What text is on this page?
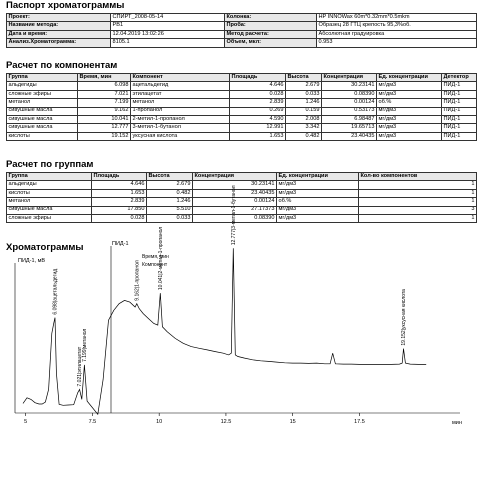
Паспорт хроматограммы
Проект:	СПИРТ_2008-05-14	Колонка:	HP INNOWax 60m*0.32mm*0.5mkm
Название метода:	РВ1	Проба:	Образец 28 ГТЦ крепость 95,3%об.
Дата и время:	12.04.2019 13:02:26	Метод расчета:	Абсолютная градуировка
Анализ.Хроматограмма:	8105.1	Объем, мкл:	0.953
Расчет по компонентам
Группа	Время, мин	Компонент	Площадь	Высота	Концентрация	Ед. концентрации	Детектор
альдегиды	6.098	ацетальдегид	4.646	2.679	30.23141	мг/дм3	ПИД-1
сложные эфиры	7.021	этилацетат	0.028	0.033	0.08390	мг/дм3	ПИД-1
метанол	7.199	метанол	2.839	1.246	0.00124	об.%	ПИД-1
сивушные масла	9.162	1-пропанол	0.269	0.159	0.53173	мг/дм3	ПИД-1
сивушные масла	10.041	2-метил-1-пропанол	4.590	2.008	6.98487	мг/дм3	ПИД-1
сивушные масла	12.777	3-метил-1-бутанол	12.991	3.342	19.65713	мг/дм3	ПИД-1
кислоты	19.152	уксусная кислота	1.653	0.482	23.40435	мг/дм3	ПИД-1
Расчет по группам
Группа	Площадь	Высота	Концентрация	Ед. концентрации	Кол-во компонентов
альдегиды	4.646	2.679	30.23141	мг/дм3	1
кислоты	1.653	0.482	23.40435	мг/дм3	1
метанол	2.839	1.246	0.00124	об.%	1
сивушные масла	17.850	5.510	27.17373	мг/дм3	3
сложные эфиры	0.028	0.033	0.08390	мг/дм3	1
Хроматограммы
ПИД-1, мВ
ПИД-1
Время, мин
Компонент
мин
5	7.5	10	12.5	15	17.5
6.098|ацетальдегид
7.021|этилацетат
7.199|метанол
9.162|1-пропанол	10.041|2-метил-1-пропанол
12.777|3-метил-1-бутанол
19.152|уксусная кислота
